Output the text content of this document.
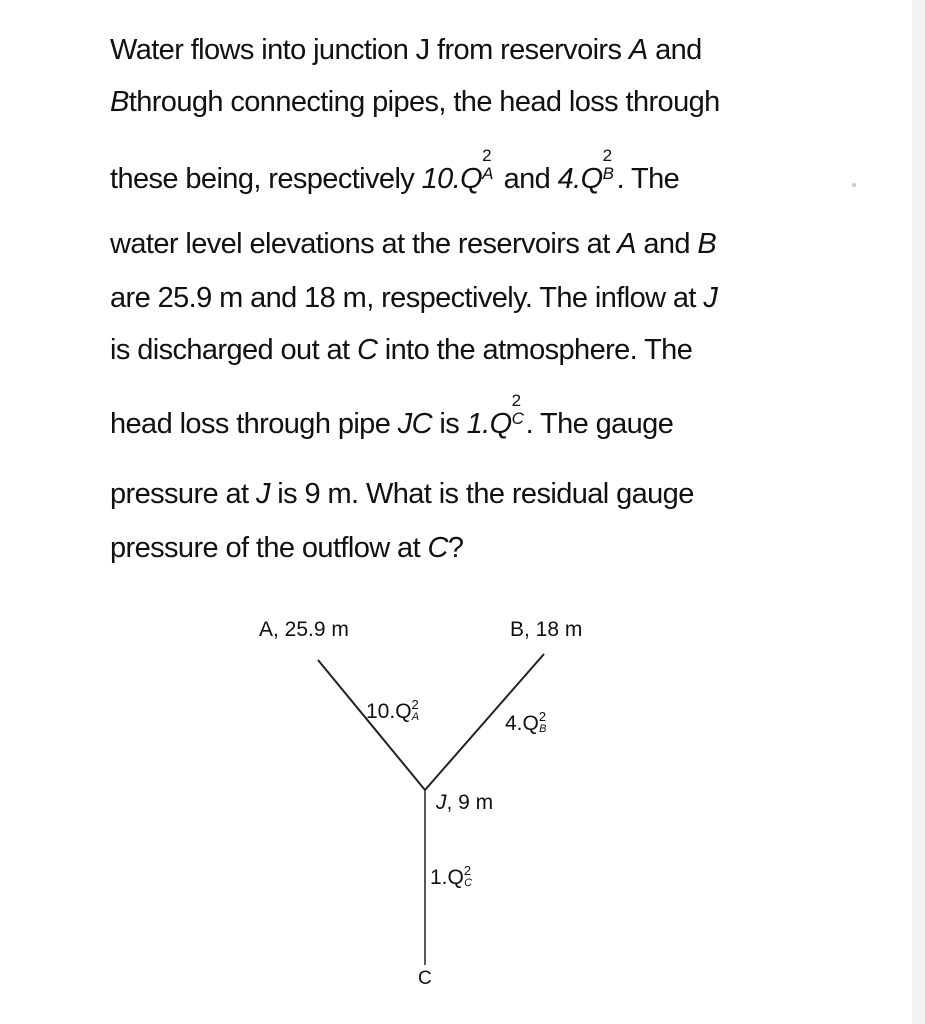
Water flows into junction J from reservoirs A and
Bthrough connecting pipes, the head loss through
these being, respectively 10.Q
2
A and 4.Q
2
B . The
water level elevations at the reservoirs at A and B
are 25.9 m and 18 m, respectively. The inflow at J
is discharged out at C into the atmosphere. The
head loss through pipe JC is 1.Q
2
C . The gauge
pressure at J is 9 m. What is the residual gauge
pressure of the outflow at C?
A, 25.9 m	B, 18 m
$10.Q^2A$	$4.Q^2B$
J, 9 m
$1.Q^2C$
C
